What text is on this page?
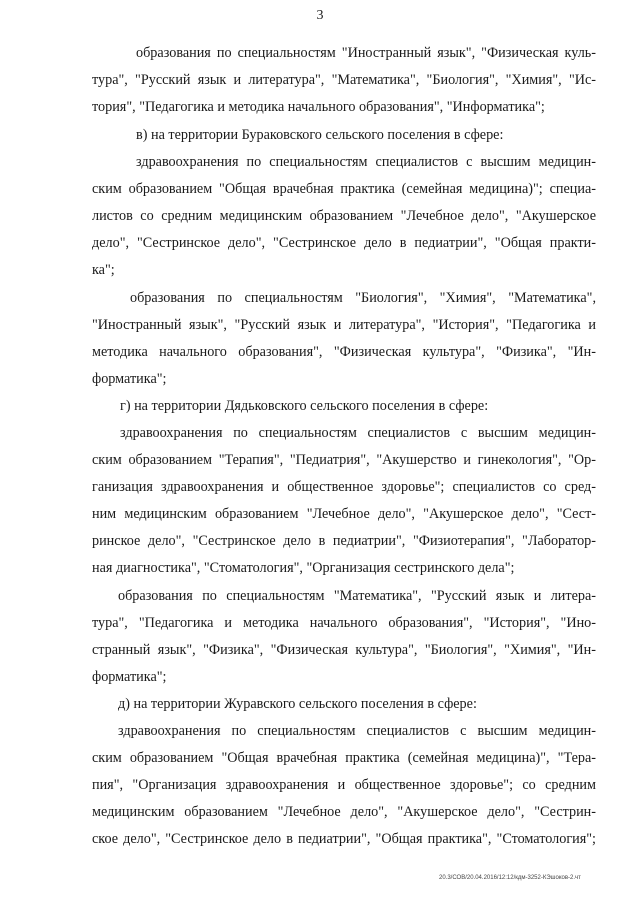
3
образования по специальностям "Иностранный язык", "Физическая куль-
тура", "Русский язык и литература", "Математика", "Биология", "Химия", "Ис-
тория", "Педагогика и методика начального образования", "Информатика";
в) на территории Бураковского сельского поселения в сфере:
здравоохранения по специальностям специалистов с высшим медицин-
ским образованием "Общая врачебная практика (семейная медицина)"; специа-
листов со средним медицинским образованием "Лечебное дело", "Акушерское
дело", "Сестринское дело", "Сестринское дело в педиатрии", "Общая практи-
ка";
образования по специальностям "Биология", "Химия", "Математика",
"Иностранный язык", "Русский язык и литература", "История", "Педагогика и
методика начального образования", "Физическая культура", "Физика", "Ин-
форматика";
г) на территории Дядьковского сельского поселения в сфере:
здравоохранения по специальностям специалистов с высшим медицин-
ским образованием "Терапия", "Педиатрия", "Акушерство и гинекология", "Ор-
ганизация здравоохранения и общественное здоровье"; специалистов со сред-
ним медицинским образованием "Лечебное дело", "Акушерское дело", "Сест-
ринское дело", "Сестринское дело в педиатрии", "Физиотерапия", "Лаборатор-
ная диагностика", "Стоматология", "Организация сестринского дела";
образования по специальностям "Математика", "Русский язык и литера-
тура", "Педагогика и методика начального образования", "История", "Ино-
странный язык", "Физика", "Физическая культура", "Биология", "Химия", "Ин-
форматика";
д) на территории Журавского сельского поселения в сфере:
здравоохранения по специальностям специалистов с высшим медицин-
ским образованием "Общая врачебная практика (семейная медицина)", "Тера-
пия", "Организация здравоохранения и общественное здоровье"; со средним
медицинским образованием "Лечебное дело", "Акушерское дело", "Сестрин-
ское дело", "Сестринское дело в педиатрии", "Общая практика", "Стоматология";
20.3/СОВ/20.04.2016/12:12/кдм-3252-КЭшоков-2.чт
